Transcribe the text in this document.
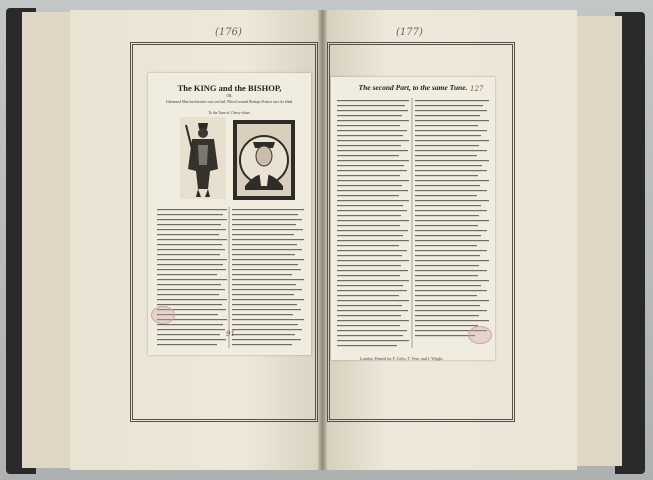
(176)	(177)
The KING and the BISHOP,
OR,
Unlearned Men hard matters out can find, When Learned Bishops Princes eyes do blind.
To the Tune of, Chevy-chase.
91
The second Part, to the same Tune. 127
London, Printed for F. Coles, T. Vere, and J. Wright.
